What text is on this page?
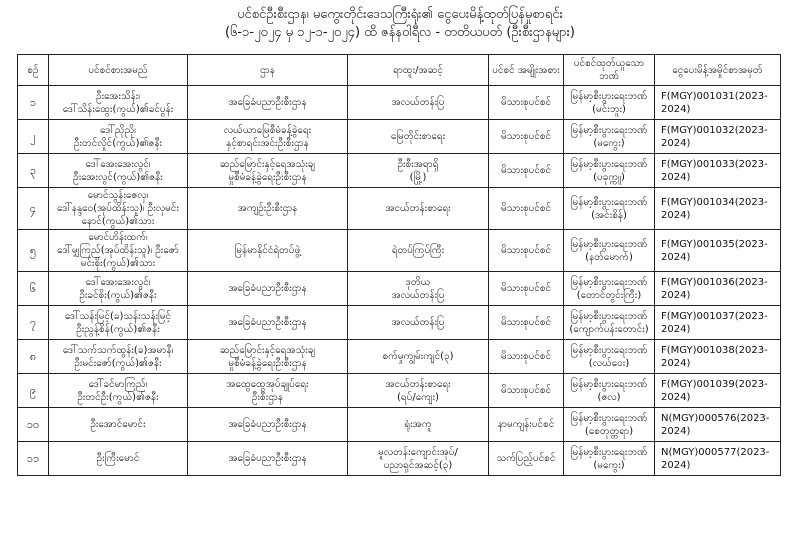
ပင်စင်ဦးစီးဌာန၊ မကွေးတိုင်းဒေသကြီးရုံး၏ ငွေပေးမိန့်ထုတ်ပြန်မှုစာရင်း
(၆-၁-၂၀၂၄ မှ ၁၂-၁-၂၀၂၄) ထိ ဇန်နဝါရီလ - တတိယပတ် (ဦးစီးဌာနများ)
စဉ်	ပင်စင်စားအမည်	ဌာန	ရာထူး/အဆင့်	ပင်စင် အမျိုးအစား	ပင်စင်ထုတ်ယူသော ဘဏ်	ငွေပေးမိန့်အမှိုင်စာအမှတ်

၁	ဦးအေးသိန်း၊
ဒေါ်သိန်းထွေး(ကွယ်)၏ခင်ပွန်း	အခြေခံပညာဦးစီးဌာန	အလယ်တန်းပြ	မိသားစုပင်စင်	မြန်မာ့စီးပွားရေးဘဏ်
(မင်းဘူး)	F(MGY)001031(2023-2024)

၂	ဒေါ်ညိုညို၊
ဦးတင်လှိုင်(ကွယ်)၏ဇနီး	လယ်ယာမြေစီမံခန့်ခွဲရေး
နှင့်စာရင်းအင်းဦးစီးဌာန	မြေတိုင်းစာရေး	မိသားစုပင်စင်	မြန်မာ့စီးပွားရေးဘဏ်
(မကွေး)	F(MGY)001032(2023-2024)

၃	ဒေါ်အေးအေးလွင်၊
ဦးအေးလွင်(ကွယ်)၏ဇနီး	ဆည်မြောင်းနှင့်ရေအသုံးချ
မှုစီမံခန့်ခွဲရေးဦးစီးဌာန	ဦးစီးအရာရှိ
(မြို့)	မိသားစုပင်စင်	မြန်မာ့စီးပွားရေးဘဏ်
(ပခုက္ကူ)	F(MGY)001033(2023-2024)

၄	မောင်သွန်းဇေလှ၊
ဒေါ်နန္ဒဝေ(အုပ်ထိန်းသူ)၊ ဦးလှမင်းနောင်(ကွယ်)၏သား	အကျဉ်းဦးစီးဌာန	အငယ်တန်းစာရေး	မိသားစုပင်စင်	မြန်မာ့စီးပွားရေးဘဏ်
(အင်းစိန်)	F(MGY)001034(2023-2024)

၅	မောင်ဟိန်းထက်၊
ဒေါ်မျှကြည်(အုပ်ထိန်းသူ)၊ ဦးဇော်မင်းစိုး(ကွယ်)၏သား	မြန်မာနိုင်ငံရဲတပ်ဖွဲ့	ရဲတပ်ကြပ်ကြီး	မိသားစုပင်စင်	မြန်မာ့စီးပွားရေးဘဏ်
(နတ်မောက်)	F(MGY)001035(2023-2024)

၆	ဒေါ်အေးအေးလွင်၊
ဦးခင်စိုး(ကွယ်)၏ဇနီး	အခြေခံပညာဦးစီးဌာန	ဒုတိယ
အလယ်တန်းပြ	မိသားစုပင်စင်	မြန်မာ့စီးပွားရေးဘဏ်
(တောင်တွင်းကြီး)	F(MGY)001036(2023-2024)

၇	ဒေါ်သန်းမြင့်(ခ)သန်းသန်းမြင့်
ဦးညွန့်စိန်(ကွယ်)၏ဇနီး	အခြေခံပညာဦးစီးဌာန	အလယ်တန်းပြ	မိသားစုပင်စင်	မြန်မာ့စီးပွားရေးဘဏ်
(ကျောက်ပန်းတောင်း)	F(MGY)001037(2023-2024)

၈	ဒေါ်သက်သက်ထွန်း(ခ)အမာနီ၊
ဦးမင်းဇော်(ကွယ်)၏ဇနီး	ဆည်မြောင်းနှင့်ရေအသုံးချ
မှုစီမံခန့်ခွဲရေးဦးစီးဌာန	စက်မှုကျွမ်းကျင်(၃)	မိသားစုပင်စင်	မြန်မာ့စီးပွားရေးဘဏ်
(လယ်ဝေး)	F(MGY)001038(2023-2024)

၉	ဒေါ်ခင်မာကြည်၊
ဦးတင်ဦး(ကွယ်)၏ဇနီး	အထွေထွေအုပ်ချုပ်ရေး
ဦးစီးဌာန	အငယ်တန်းစာရေး
(ရပ်/ကျေး)	မိသားစုပင်စင်	မြန်မာ့စီးပွားရေးဘဏ်
(ဇလ)	F(MGY)001039(2023-2024)

၁၀	ဦးအောင်မောင်း	အခြေခံပညာဦးစီးဌာန	ရုံးအကူ	နာမကျန်းပင်စင်	မြန်မာ့စီးပွားရေးဘဏ်
(စေတုတ္တရာ)	N(MGY)000576(2023-2024)

၁၁	ဦးကြီးမောင်	အခြေခံပညာဦးစီးဌာန	မူလတန်းကျောင်းအုပ်/
ပညာရှင်အဆင့်(၃)	သက်ပြည့်ပင်စင်	မြန်မာ့စီးပွားရေးဘဏ်
(မကွေး)	N(MGY)000577(2023-2024)
